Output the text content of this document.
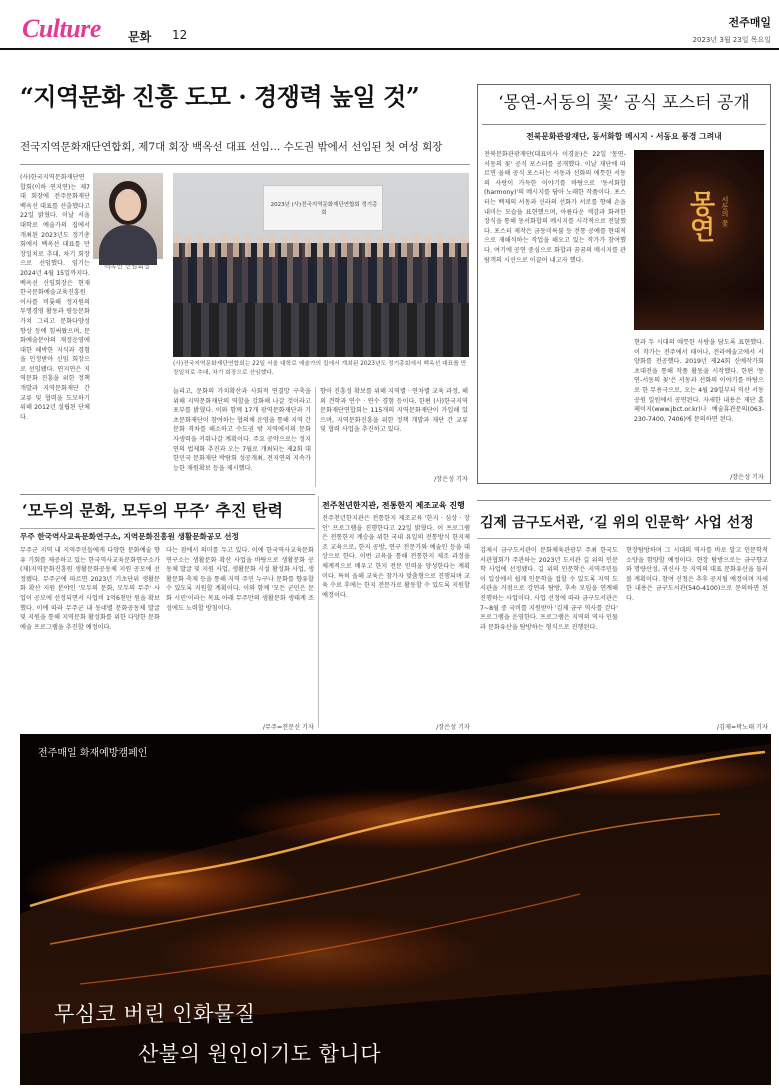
Culture 문화 12
전주매일
2023년 3월 23일 목요일
“지역문화 진흥 도모 · 경쟁력 높일 것”
전국지역문화재단연합회, 제7대 회장 백옥선 대표 선임… 수도권 밖에서 선임된 첫 여성 회장
백옥선 신임회장
(사)한국지역문화재단연합회(이하 연지연)는 제7대 회장에 전주문화재단 백옥선 대표를 선출했다고 22일 밝혔다. 이날 서울 대학로 예술가의 집에서 개최된 2023년도 정기총회에서 백옥선 대표를 만장일치로 추대, 차기 회장으로 선임했다. 임기는 2024년 4월 15일까지다. 백옥선 신임회장은 현재 한국문화예술교육진흥원 이사를 비롯해 정지원의 투명경영 활동과 평등문화 가치 그리고 문화다양성 향상 등에 힘써왔으며, 문화예술분야의 재정운영에 대한 해박한 지식과 경험을 인정받아 신임 회장으로 선임됐다. 연지연은 지역문화 진흥을 위한 정책 개발과 지역문화재단 간 교류 및 협력을 도모하기 위해 2012년 설립된 단체다.
2023년 (사)전국지역문화재단연합회 정기총회
(사)전국지역문화재단연합회는 22일 서울 대학로 예술가의 집에서 개최된 2023년도 정기총회에서 백옥선 대표를 만장일치로 추대, 차기 회장으로 선임했다.
늘리고, 문화의 가치확산과 사회적 연결망 구축을 위해 지역문화재단의 역할을 강화해 나갈 것이라고 포부를 밝혔다. 이와 함께 17개 광역문화재단과 기초문화재단이 참여하는 협의체 운영을 통해 지역 간 문화 격차를 해소하고 수도권 밖 지역에서의 문화 자생력을 키워나갈 계획이다. 주요 공약으로는 정지연의 법제화 추진과 오는 7월로 개최되는 제2회 대한민국 문화재단 박람회 성공개최, 전지연의 지속가능한 재원확보 등을 제시했다.
향이 진흥성 확보를 위해 지역별 · 연차별 교육 과정, 해외 견학과 연수 · 연수 경험 등이다. 한편 (사)한국지역문화재단연합회는 115개의 지역문화재단이 가입해 있으며, 지역문화진흥을 위한 정책 개발과 재단 간 교류 및 협력 사업을 추진하고 있다.
/장은성 기자
‘몽연-서동의 꽃’ 공식 포스터 공개
전북문화관광재단, 동서화합 메시지 · 서동요 풍경 그려내
전북문화관광재단(대표이사 이경윤)은 22일 '몽연-서동의 꽃' 공식 포스터를 공개했다. 이날 재단에 따르면 올해 공식 포스터는 서동과 선화의 애틋한 서동의 사랑이 가득한 이야기를 바탕으로 '동서화합(harmony)'의 메시지를 담아 노래한 작품이다. 포스터는 백제의 서동과 신라의 선화가 서로를 향해 손을 내미는 모습을 표현했으며, 아름다운 색감과 화려한 장식을 통해 동서화합의 메시지를 시각적으로 전달했다. 포스터 제작은 금동미륵불 등 전통 공예를 현대적으로 재해석하는 작업을 해오고 있는 작가가 참여했다. 여기에 공연 중심으로 화합과 꿈꿈의 메시지를 관람객의 시선으로 이끌어 내고자 했다.
몽연 서동의 꽃
현과 두 시대의 애틋한 사랑을 담도록 표현했다. 이 작가는 전주에서 태어나, 전라예술고에서 서양화를 전공했다. 2019년 제24회 신예작가회 초대전을 통해 작품 활동을 시작했다. 한편 '몽연-서동의 꽃'은 서동과 선화의 이야기를 바탕으로 한 무용극으로, 오는 4월 29일부터 익산 서동공원 일원에서 공연된다. 자세한 내용은 재단 홈페이지(www.jbct.or.kr)나 예술휴관문의(063-230-7400, 7406)에 문의하면 된다.
/장은성 기자
‘모두의 문화, 모두의 무주’ 추진 탄력
무주 한국역사교육문화연구소, 지역문화진흥원 생활문화공모 선정
무주군 지역 내 지역주민들에게 다양한 문화예술 향유 기회를 제공하고 있는 한국역사교육문화연구소가 (재)지역문화진흥원 생활문화공동체 지원 공모에 선정됐다. 무주군에 따르면 2023년 기초단위 생활문화 확산 지원 분야인 '모두의 문화, 모두의 무주' 사업이 공모에 선정되면서 사업비 1억6천만 원을 확보했다. 이에 따라 무주군 내 동네별 문화공동체 발굴 및 지원을 통해 지역문화 활성화를 위한 다양한 문화예술 프로그램을 추진할 예정이다.
다는 점에서 의미를 두고 있다. 이에 한국역사교육문화연구소는 생활문화 확산 사업을 바탕으로 생활문화 공동체 발굴 및 지원 사업, 생활문화 시설 활성화 사업, 생활문화 축제 등을 통해 지역 주민 누구나 문화를 향유할 수 있도록 지원할 계획이다. 이와 함께 '모든 군민은 문화 시민'이라는 목표 아래 무주만의 생활문화 생태계 조성에도 노력할 방침이다.
/무주=전문신 기자
전주천년한지관, 전통한지 제조교육 진행
전주천년한지관은 전통한지 제조교육 '한지 · 심상 · 장인' 프로그램을 진행한다고 22일 밝혔다. 이 프로그램은 전통한지 계승을 위한 국내 유일의 전통방식 한지제조 교육으로, 한지 공방, 연구 전문가와 예술인 등을 대상으로 한다. 이번 교육을 통해 전통한지 제조 과정을 체계적으로 배우고 한지 전문 인력을 양성한다는 계획이다. 특히 올해 교육은 참가자 맞춤형으로 진행되며 교육 수료 후에는 한지 전문가로 활동할 수 있도록 지원할 예정이다.
/장은성 기자
김제 금구도서관, ‘길 위의 인문학’ 사업 선정
김제시 금구도서관이 문화체육관광부 주최 한국도서관협회가 주관하는 2023년 도서관 길 위의 인문학 사업에 선정됐다. 길 위의 인문학은 지역주민들이 일상에서 쉽게 인문학을 접할 수 있도록 지역 도서관을 거점으로 강연과 탐방, 후속 모임을 연계해 진행하는 사업이다. 사업 선정에 따라 금구도서관은 7~8월 중 국비를 지원받아 '김제 금구 역사를 걷다' 프로그램을 운영한다. 프로그램은 지역의 역사 인물과 문화유산을 탐방하는 형식으로 진행된다.
현장탐방하며 그 시대의 역사를 바로 알고 인문학적 소양을 함양할 예정이다. 현장 탐방으로는 금구향교와 명량산성, 귀신사 등 지역의 대표 문화유산을 둘러볼 계획이다. 참여 신청은 추후 공지될 예정이며 자세한 내용은 금구도서관(540-4100)으로 문의하면 된다.
/김제=곽노태 기자
전주매일 화재예방캠페인
무심코 버린 인화물질
산불의 원인이기도 합니다
